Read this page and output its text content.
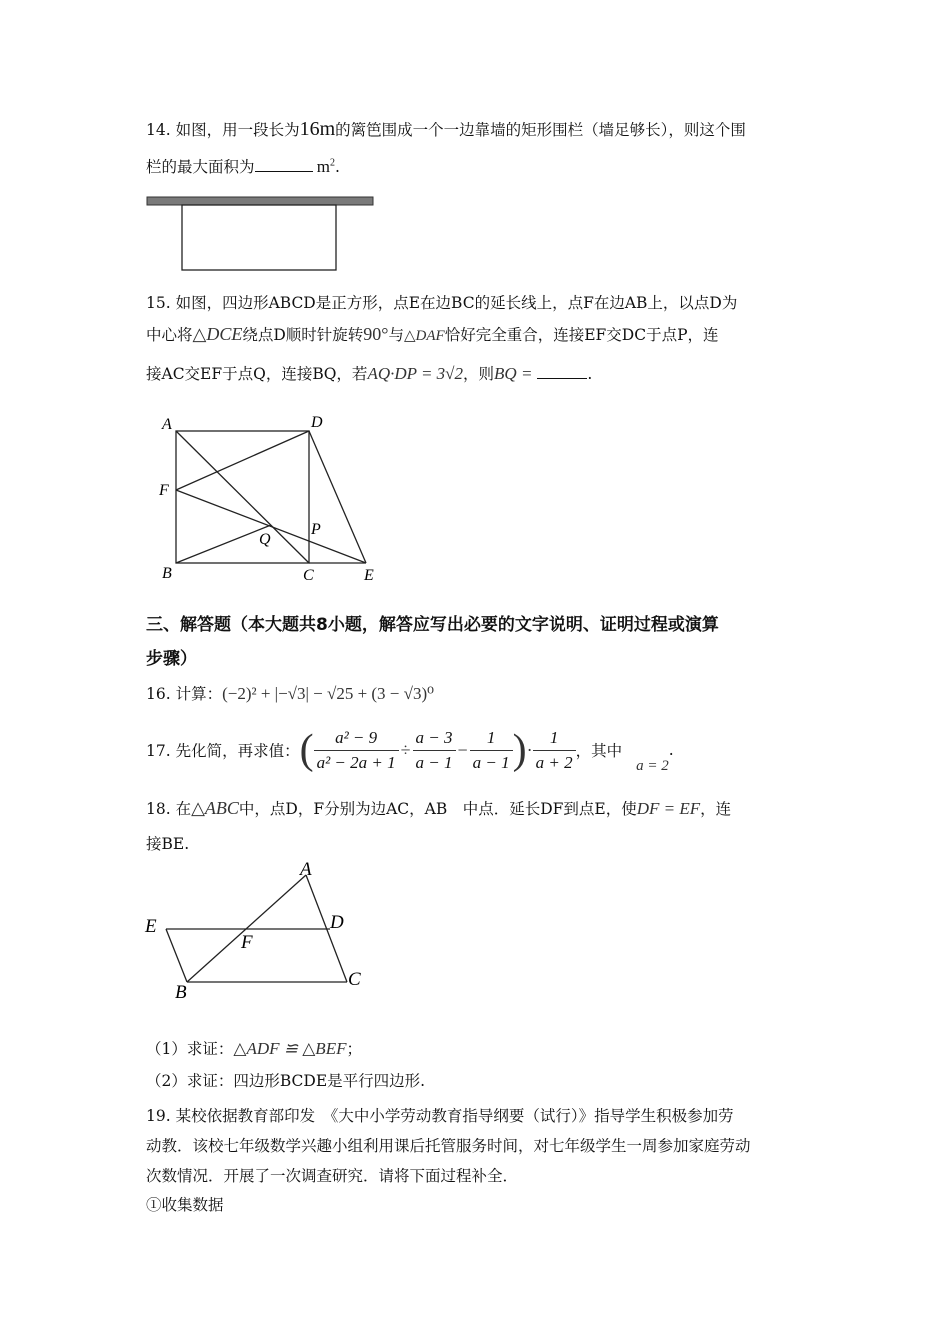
14. 如图，用一段长为16m的篱笆围成一个一边靠墙的矩形围栏（墙足够长），则这个围
栏的最大面积为	$m^2$.
15. 如图，四边形ABCD是正方形，点E在边BC的延长线上，点F在边AB上，以点D为
中心将△DCE绕点D顺时针旋转90°与△DAF恰好完全重合，连接EF交DC于点P，连
接AC交EF于点Q，连接BQ，若AQ·DP = 3√2，则BQ =	.
A	D
F
Q
P
B	C	E
三、解答题（本大题共8小题，解答应写出必要的文字说明、证明过程或演算
步骤）
16. 计算：(−2)² + |−√3| − √25 + (3 − √3)⁰
17. 先化简，再求值： ( $\frac{\text{a² − 9}}{\text{a² − 2a + 1}} \div \frac{a - 3}{a - 1} - \frac{1}{a - 1}$ ) · $\frac{1}{a + 2}$ ，其中
a = 2
.
18. 在△ABC中，点D，F分别为边AC，AB　中点．延长DF到点E，使DF = EF，连
接BE.
A
E	D
F
B
C
（1）求证：△ADF ≌ △BEF；
（2）求证：四边形BCDE是平行四边形.
19. 某校依据教育部印发　《大中小学劳动教育指导纲要（试行）》指导学生积极参加劳
动教．该校七年级数学兴趣小组利用课后托管服务时间，对七年级学生一周参加家庭劳动
次数情况．开展了一次调查研究．请将下面过程补全．
①收集数据
